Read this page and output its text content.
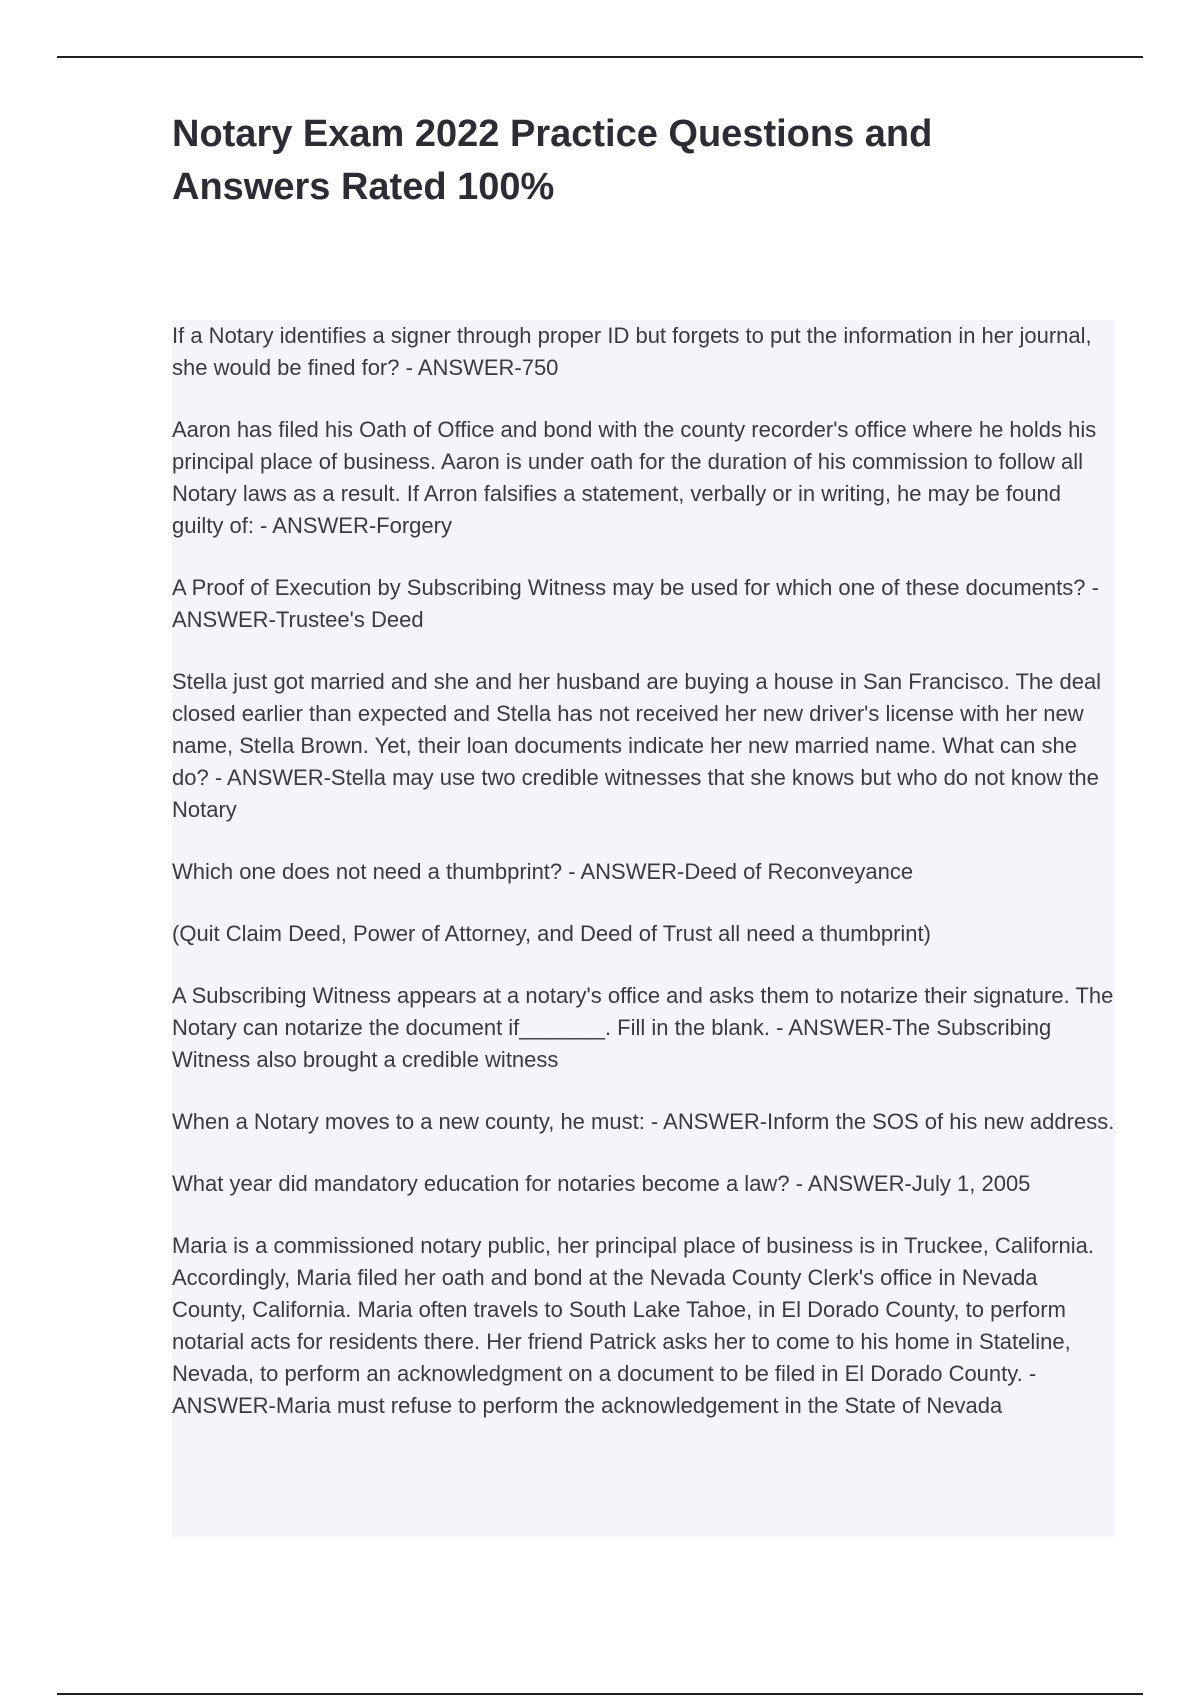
Notary Exam 2022 Practice Questions and Answers Rated 100%

If a Notary identifies a signer through proper ID but forgets to put the information in her journal, she would be fined for? - ANSWER-750

Aaron has filed his Oath of Office and bond with the county recorder's office where he holds his principal place of business. Aaron is under oath for the duration of his commission to follow all Notary laws as a result. If Arron falsifies a statement, verbally or in writing, he may be found guilty of: - ANSWER-Forgery

A Proof of Execution by Subscribing Witness may be used for which one of these documents? - ANSWER-Trustee's Deed

Stella just got married and she and her husband are buying a house in San Francisco. The deal closed earlier than expected and Stella has not received her new driver's license with her new name, Stella Brown. Yet, their loan documents indicate her new married name. What can she do? - ANSWER-Stella may use two credible witnesses that she knows but who do not know the Notary

Which one does not need a thumbprint? - ANSWER-Deed of Reconveyance

(Quit Claim Deed, Power of Attorney, and Deed of Trust all need a thumbprint)

A Subscribing Witness appears at a notary's office and asks them to notarize their signature. The Notary can notarize the document if_______. Fill in the blank. - ANSWER-The Subscribing Witness also brought a credible witness

When a Notary moves to a new county, he must: - ANSWER-Inform the SOS of his new address.

What year did mandatory education for notaries become a law? - ANSWER-July 1, 2005

Maria is a commissioned notary public, her principal place of business is in Truckee, California. Accordingly, Maria filed her oath and bond at the Nevada County Clerk's office in Nevada County, California. Maria often travels to South Lake Tahoe, in El Dorado County, to perform notarial acts for residents there. Her friend Patrick asks her to come to his home in Stateline, Nevada, to perform an acknowledgment on a document to be filed in El Dorado County. - ANSWER-Maria must refuse to perform the acknowledgement in the State of Nevada
